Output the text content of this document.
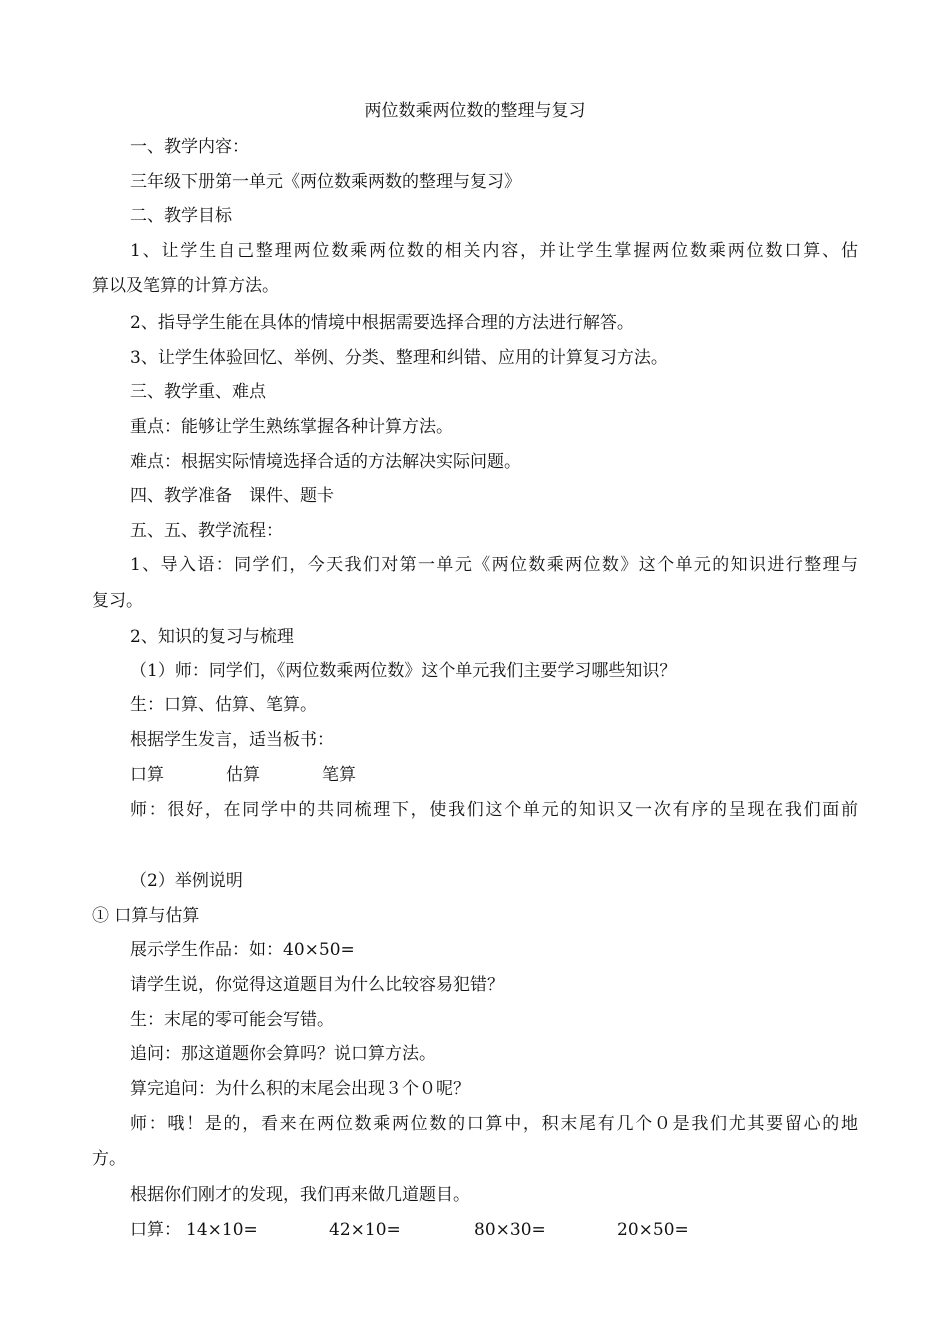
两位数乘两位数的整理与复习
一、教学内容：
三年级下册第一单元《两位数乘两数的整理与复习》
二、教学目标
1、让学生自己整理两位数乘两位数的相关内容，并让学生掌握两位数乘两位数口算、估
算以及笔算的计算方法。
2、指导学生能在具体的情境中根据需要选择合理的方法进行解答。
3、让学生体验回忆、举例、分类、整理和纠错、应用的计算复习方法。
三、教学重、难点
重点：能够让学生熟练掌握各种计算方法。
难点：根据实际情境选择合适的方法解决实际问题。
四、教学准备　课件、题卡
五、五、教学流程：
1、导入语：同学们，今天我们对第一单元《两位数乘两位数》这个单元的知识进行整理与
复习。
2、知识的复习与梳理
（1）师：同学们，《两位数乘两位数》这个单元我们主要学习哪些知识？
生：口算、估算、笔算。
根据学生发言，适当板书：
口算	估算	笔算
师：很好，在同学中的共同梳理下，使我们这个单元的知识又一次有序的呈现在我们面前
（2）举例说明
① 口算与估算
展示学生作品：如：40×50=
请学生说，你觉得这道题目为什么比较容易犯错？
生：末尾的零可能会写错。
追问：那这道题你会算吗？说口算方法。
算完追问：为什么积的末尾会出现３个０呢？
师：哦！是的，看来在两位数乘两位数的口算中，积末尾有几个０是我们尤其要留心的地
方。
根据你们刚才的发现，我们再来做几道题目。
口算： 14×10=	42×10=	80×30=	20×50=
